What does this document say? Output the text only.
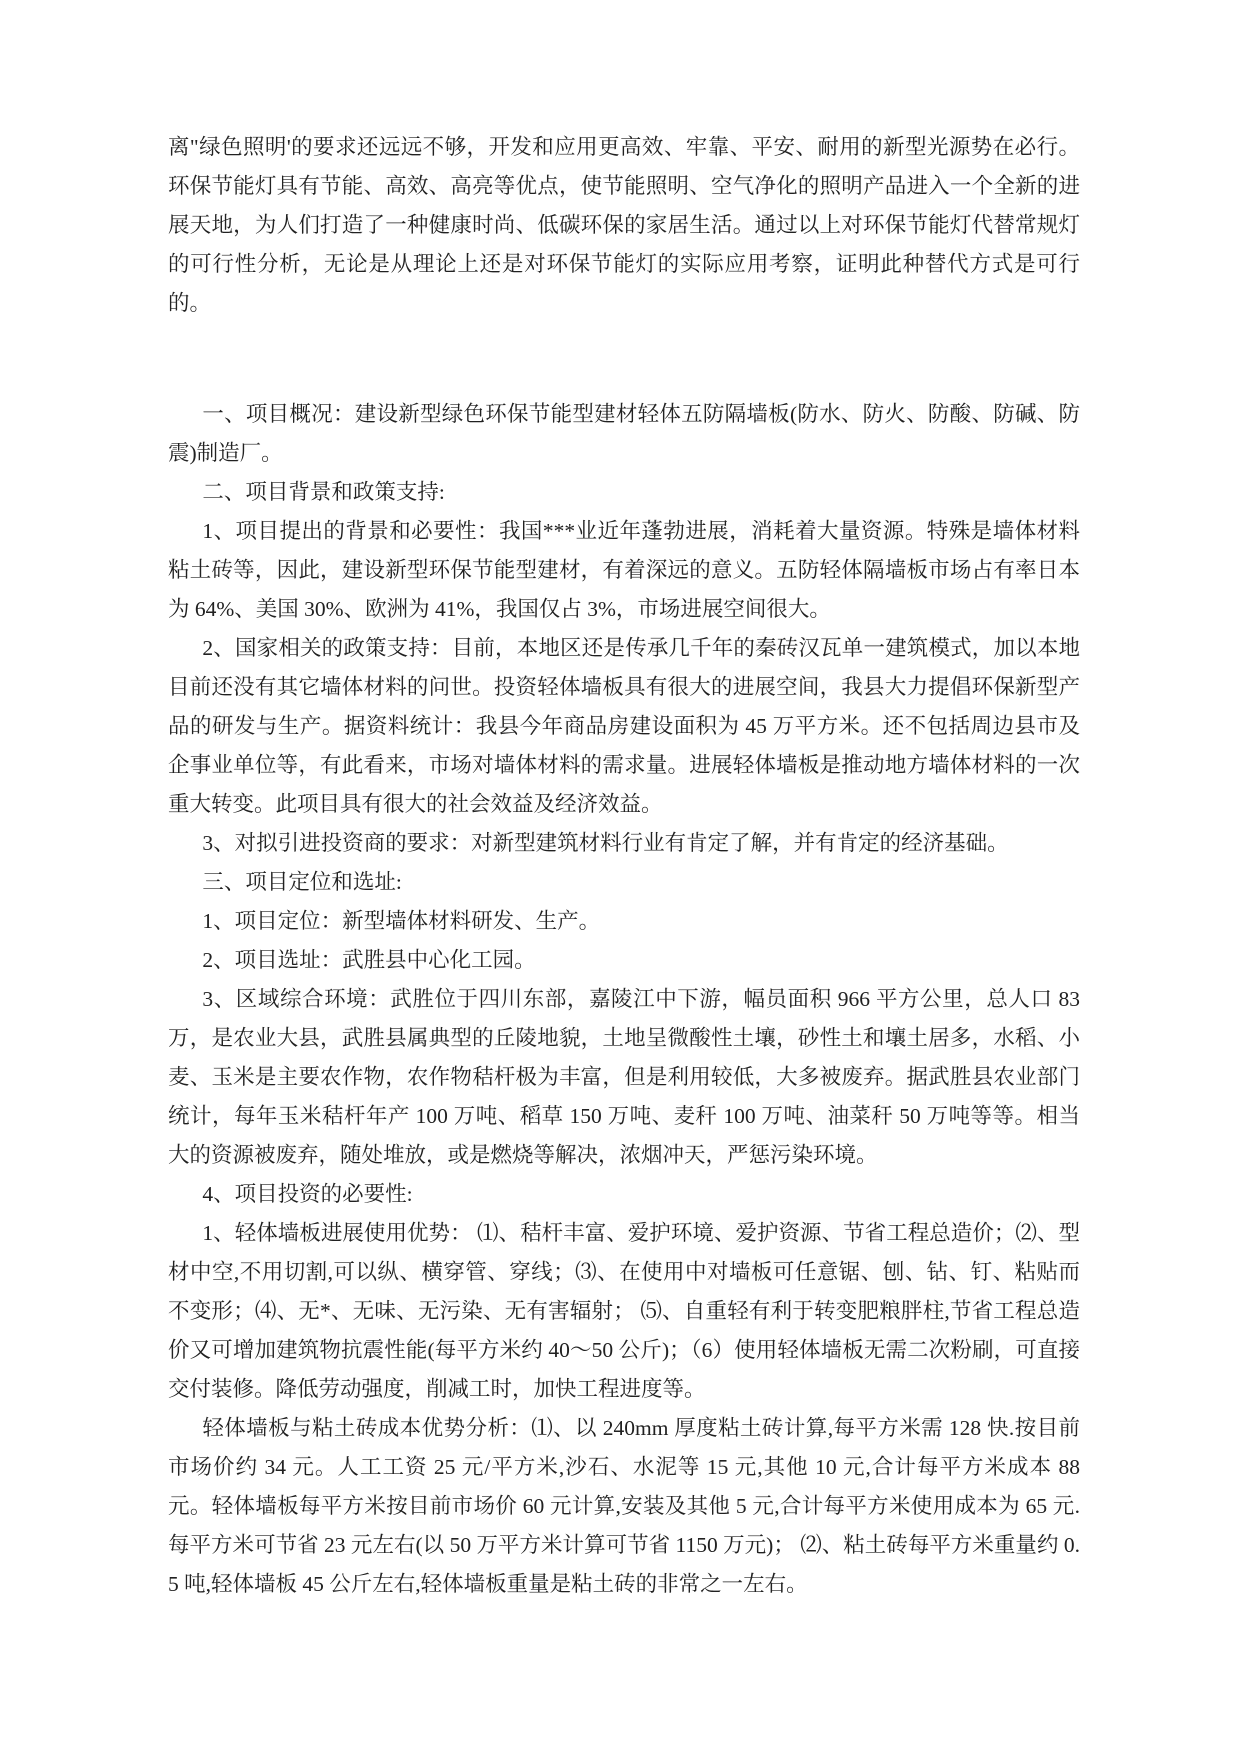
离"绿色照明'的要求还远远不够，开发和应用更高效、牢靠、平安、耐用的新型光源势在必行。环保节能灯具有节能、高效、高亮等优点，使节能照明、空气净化的照明产品进入一个全新的进展天地，为人们打造了一种健康时尚、低碳环保的家居生活。通过以上对环保节能灯代替常规灯的可行性分析，无论是从理论上还是对环保节能灯的实际应用考察，证明此种替代方式是可行的。

一、项目概况：建设新型绿色环保节能型建材轻体五防隔墙板(防水、防火、防酸、防碱、防震)制造厂。

二、项目背景和政策支持:

1、项目提出的背景和必要性：我国***业近年蓬勃进展，消耗着大量资源。特殊是墙体材料粘土砖等，因此，建设新型环保节能型建材，有着深远的意义。五防轻体隔墙板市场占有率日本为 64%、美国 30%、欧洲为 41%，我国仅占 3%，市场进展空间很大。

2、国家相关的政策支持：目前，本地区还是传承几千年的秦砖汉瓦单一建筑模式，加以本地目前还没有其它墙体材料的问世。投资轻体墙板具有很大的进展空间，我县大力提倡环保新型产品的研发与生产。据资料统计：我县今年商品房建设面积为 45 万平方米。还不包括周边县市及企事业单位等，有此看来，市场对墙体材料的需求量。进展轻体墙板是推动地方墙体材料的一次重大转变。此项目具有很大的社会效益及经济效益。

3、对拟引进投资商的要求：对新型建筑材料行业有肯定了解，并有肯定的经济基础。

三、项目定位和选址:

1、项目定位：新型墙体材料研发、生产。

2、项目选址：武胜县中心化工园。

3、区域综合环境：武胜位于四川东部，嘉陵江中下游，幅员面积 966 平方公里，总人口 83 万，是农业大县，武胜县属典型的丘陵地貌，土地呈微酸性土壤，砂性土和壤土居多，水稻、小麦、玉米是主要农作物，农作物秸杆极为丰富，但是利用较低，大多被废弃。据武胜县农业部门统计，每年玉米秸杆年产 100 万吨、稻草 150 万吨、麦秆 100 万吨、油菜秆 50 万吨等等。相当大的资源被废弃，随处堆放，或是燃烧等解决，浓烟冲天，严惩污染环境。

4、项目投资的必要性:

1、轻体墙板进展使用优势： ⑴、秸杆丰富、爱护环境、爱护资源、节省工程总造价；⑵、型材中空,不用切割,可以纵、横穿管、穿线；⑶、在使用中对墙板可任意锯、刨、钻、钉、粘贴而不变形；⑷、无*、无味、无污染、无有害辐射； ⑸、自重轻有利于转变肥粮胖柱,节省工程总造价又可增加建筑物抗震性能(每平方米约 40～50 公斤)；（6）使用轻体墙板无需二次粉刷，可直接交付装修。降低劳动强度，削减工时，加快工程进度等。

轻体墙板与粘土砖成本优势分析：⑴、以 240mm 厚度粘土砖计算,每平方米需 128 快.按目前市场价约 34 元。人工工资 25 元/平方米,沙石、水泥等 15 元,其他 10 元,合计每平方米成本 88 元。轻体墙板每平方米按目前市场价 60 元计算,安装及其他 5 元,合计每平方米使用成本为 65 元.每平方米可节省 23 元左右(以 50 万平方米计算可节省 1150 万元)； ⑵、粘土砖每平方米重量约 0.5 吨,轻体墙板 45 公斤左右,轻体墙板重量是粘土砖的非常之一左右。
